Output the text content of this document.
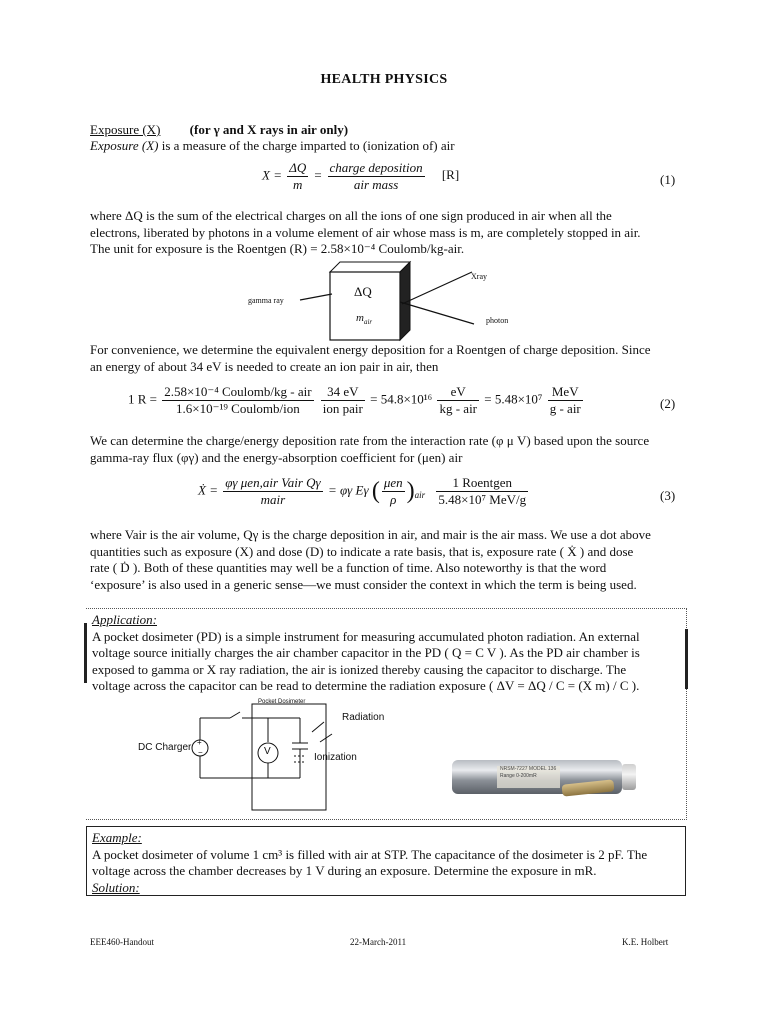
HEALTH PHYSICS
Exposure (X) (for γ and X rays in air only)
Exposure (X) is a measure of the charge imparted to (ionization of) air
$X = \frac{\Delta Q}{m} = \frac{\text{charge deposition}}{\text{air mass}} [R]$	(1)
where ΔQ is the sum of the electrical charges on all the ions of one sign produced in air when all the
electrons, liberated by photons in a volume element of air whose mass is m, are completely stopped in air.
The unit for exposure is the Roentgen (R) = 2.58×10⁻⁴ Coulomb/kg-air.
ΔQ
$m_{air}$
gamma ray
Xray
photon
For convenience, we determine the equivalent energy deposition for a Roentgen of charge deposition. Since
an energy of about 34 eV is needed to create an ion pair in air, then
1 $R = \frac{\text{2.58×10⁻⁴ Coulomb/kg - air}}{\text{1.6×10⁻¹⁹ Coulomb/ion}}$
$\frac{34 eV}{\text{ion pair}} = 54.8\times 10^{16} \frac{eV}{\text{kg - air}} = 5.48\times 10^7 \frac{\text{MeV}}{\text{g - air}}$	(2)
We can determine the charge/energy deposition rate from the interaction rate (φ μ V) based upon the source
gamma-ray flux (φγ) and the energy-absorption coefficient for (μen) air
Ẋ = $\frac{\text{φγ μen,air Vair Qγ}}{\text{mair}} = \varphi\gamma$ Eγ ( $\frac{\text{μen}}{\rho} )_{air} \frac{\text{1 Roentgen}}{\text{5.48×10⁷ MeV/g}}$	(3)
where Vair is the air volume, Qγ is the charge deposition in air, and mair is the air mass. We use a dot above
quantities such as exposure (X) and dose (D) to indicate a rate basis, that is, exposure rate ( Ẋ ) and dose
rate ( Ḋ ). Both of these quantities may well be a function of time. Also noteworthy is that the word
‘exposure’ is also used in a generic sense—we must consider the context in which the term is being used.
Application:
A pocket dosimeter (PD) is a simple instrument for measuring accumulated photon radiation. An external
voltage source initially charges the air chamber capacitor in the PD ( Q = C V ). As the PD air chamber is
exposed to gamma or X ray radiation, the air is ionized thereby causing the capacitor to discharge. The
voltage across the capacitor can be read to determine the radiation exposure ( ΔV = ΔQ / C = (X m) / C ).
Pocket Dosimeter
Radiation
DC Charger
Ionization
V
+
−
NRSM-7227 MODEL 136 Range 0-200mR
Example:
A pocket dosimeter of volume 1 cm³ is filled with air at STP. The capacitance of the dosimeter is 2 pF. The
voltage across the chamber decreases by 1 V during an exposure. Determine the exposure in mR.
Solution:
EEE460-Handout	22-March-2011	K.E. Holbert
